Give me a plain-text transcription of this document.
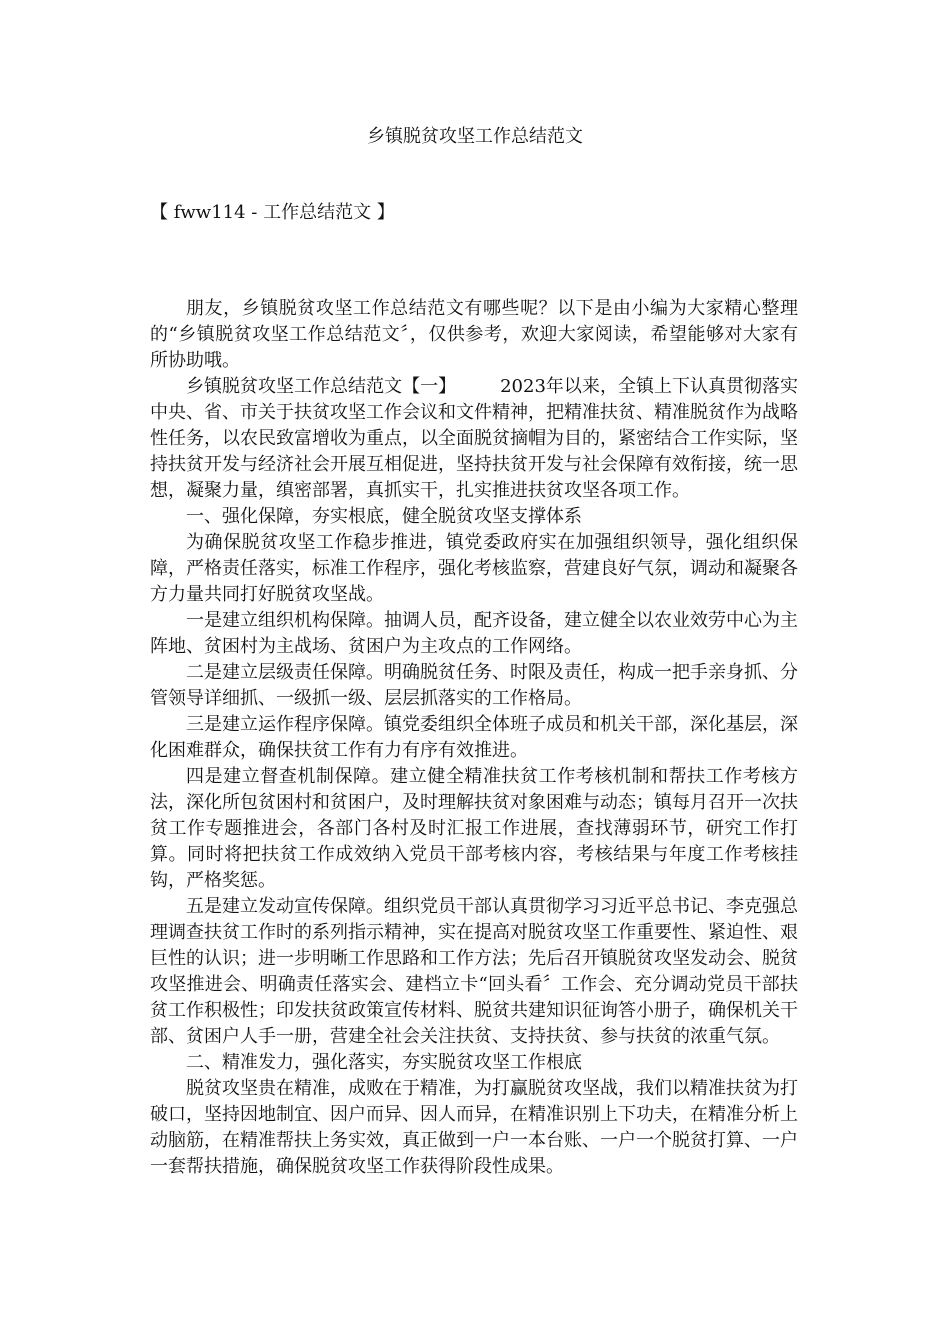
乡镇脱贫攻坚工作总结范文
【 fww114 - 工作总结范文 】

朋友，乡镇脱贫攻坚工作总结范文有哪些呢？以下是由小编为大家精心整理的“乡镇脱贫攻坚工作总结范文〞，仅供参考，欢迎大家阅读，希望能够对大家有所协助哦。

乡镇脱贫攻坚工作总结范文【一】 2023年以来，全镇上下认真贯彻落实中央、省、市关于扶贫攻坚工作会议和文件精神，把精准扶贫、精准脱贫作为战略性任务，以农民致富增收为重点，以全面脱贫摘帽为目的，紧密结合工作实际，坚持扶贫开发与经济社会开展互相促进，坚持扶贫开发与社会保障有效衔接，统一思想，凝聚力量，缜密部署，真抓实干，扎实推进扶贫攻坚各项工作。

一、强化保障，夯实根底，健全脱贫攻坚支撑体系

为确保脱贫攻坚工作稳步推进，镇党委政府实在加强组织领导，强化组织保障，严格责任落实，标准工作程序，强化考核监察，营建良好气氛，调动和凝聚各方力量共同打好脱贫攻坚战。

一是建立组织机构保障。抽调人员，配齐设备，建立健全以农业效劳中心为主阵地、贫困村为主战场、贫困户为主攻点的工作网络。

二是建立层级责任保障。明确脱贫任务、时限及责任，构成一把手亲身抓、分管领导详细抓、一级抓一级、层层抓落实的工作格局。

三是建立运作程序保障。镇党委组织全体班子成员和机关干部，深化基层，深化困难群众，确保扶贫工作有力有序有效推进。

四是建立督查机制保障。建立健全精准扶贫工作考核机制和帮扶工作考核方法，深化所包贫困村和贫困户，及时理解扶贫对象困难与动态；镇每月召开一次扶贫工作专题推进会，各部门各村及时汇报工作进展，查找薄弱环节，研究工作打算。同时将把扶贫工作成效纳入党员干部考核内容，考核结果与年度工作考核挂钩，严格奖惩。

五是建立发动宣传保障。组织党员干部认真贯彻学习习近平总书记、李克强总理调查扶贫工作时的系列指示精神，实在提高对脱贫攻坚工作重要性、紧迫性、艰巨性的认识；进一步明晰工作思路和工作方法；先后召开镇脱贫攻坚发动会、脱贫攻坚推进会、明确责任落实会、建档立卡“回头看〞工作会、充分调动党员干部扶贫工作积极性；印发扶贫政策宣传材料、脱贫共建知识征询答小册子，确保机关干部、贫困户人手一册，营建全社会关注扶贫、支持扶贫、参与扶贫的浓重气氛。

二、精准发力，强化落实，夯实脱贫攻坚工作根底

脱贫攻坚贵在精准，成败在于精准，为打赢脱贫攻坚战，我们以精准扶贫为打破口，坚持因地制宜、因户而异、因人而异，在精准识别上下功夫，在精准分析上动脑筋，在精准帮扶上务实效，真正做到一户一本台账、一户一个脱贫打算、一户一套帮扶措施，确保脱贫攻坚工作获得阶段性成果。
